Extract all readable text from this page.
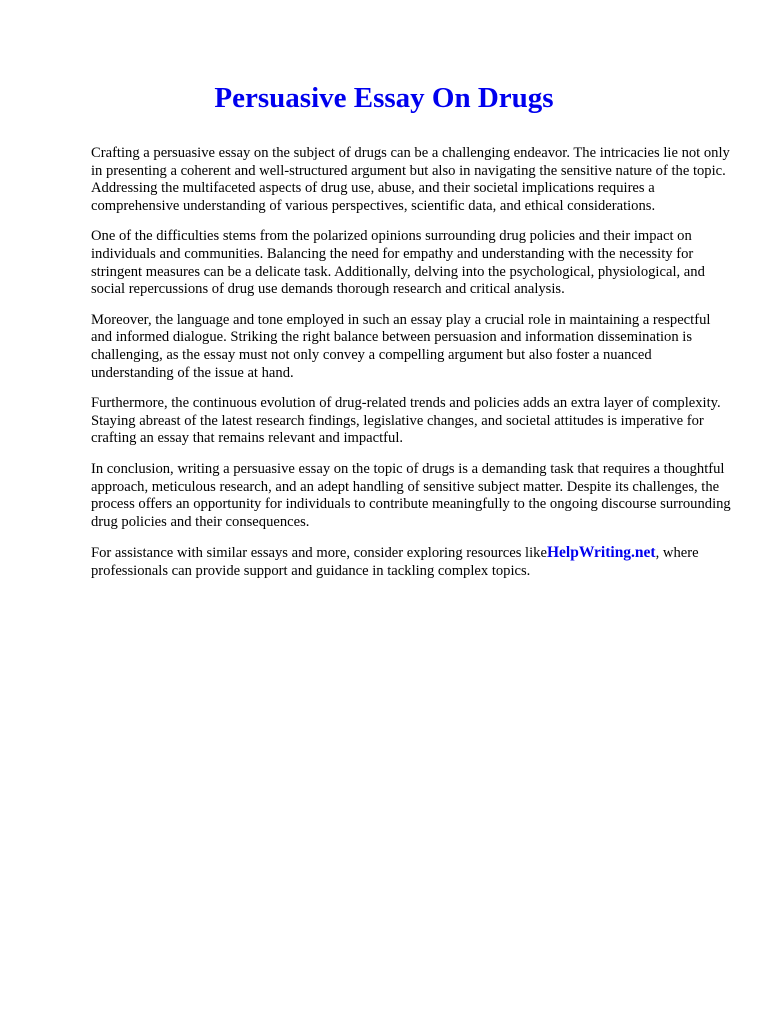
Persuasive Essay On Drugs

Crafting a persuasive essay on the subject of drugs can be a challenging endeavor. The intricacies lie not only in presenting a coherent and well-structured argument but also in navigating the sensitive nature of the topic. Addressing the multifaceted aspects of drug use, abuse, and their societal implications requires a comprehensive understanding of various perspectives, scientific data, and ethical considerations.

One of the difficulties stems from the polarized opinions surrounding drug policies and their impact on individuals and communities. Balancing the need for empathy and understanding with the necessity for stringent measures can be a delicate task. Additionally, delving into the psychological, physiological, and social repercussions of drug use demands thorough research and critical analysis.

Moreover, the language and tone employed in such an essay play a crucial role in maintaining a respectful and informed dialogue. Striking the right balance between persuasion and information dissemination is challenging, as the essay must not only convey a compelling argument but also foster a nuanced understanding of the issue at hand.

Furthermore, the continuous evolution of drug-related trends and policies adds an extra layer of complexity. Staying abreast of the latest research findings, legislative changes, and societal attitudes is imperative for crafting an essay that remains relevant and impactful.

In conclusion, writing a persuasive essay on the topic of drugs is a demanding task that requires a thoughtful approach, meticulous research, and an adept handling of sensitive subject matter. Despite its challenges, the process offers an opportunity for individuals to contribute meaningfully to the ongoing discourse surrounding drug policies and their consequences.

For assistance with similar essays and more, consider exploring resources likeHelpWriting.net, where professionals can provide support and guidance in tackling complex topics.
